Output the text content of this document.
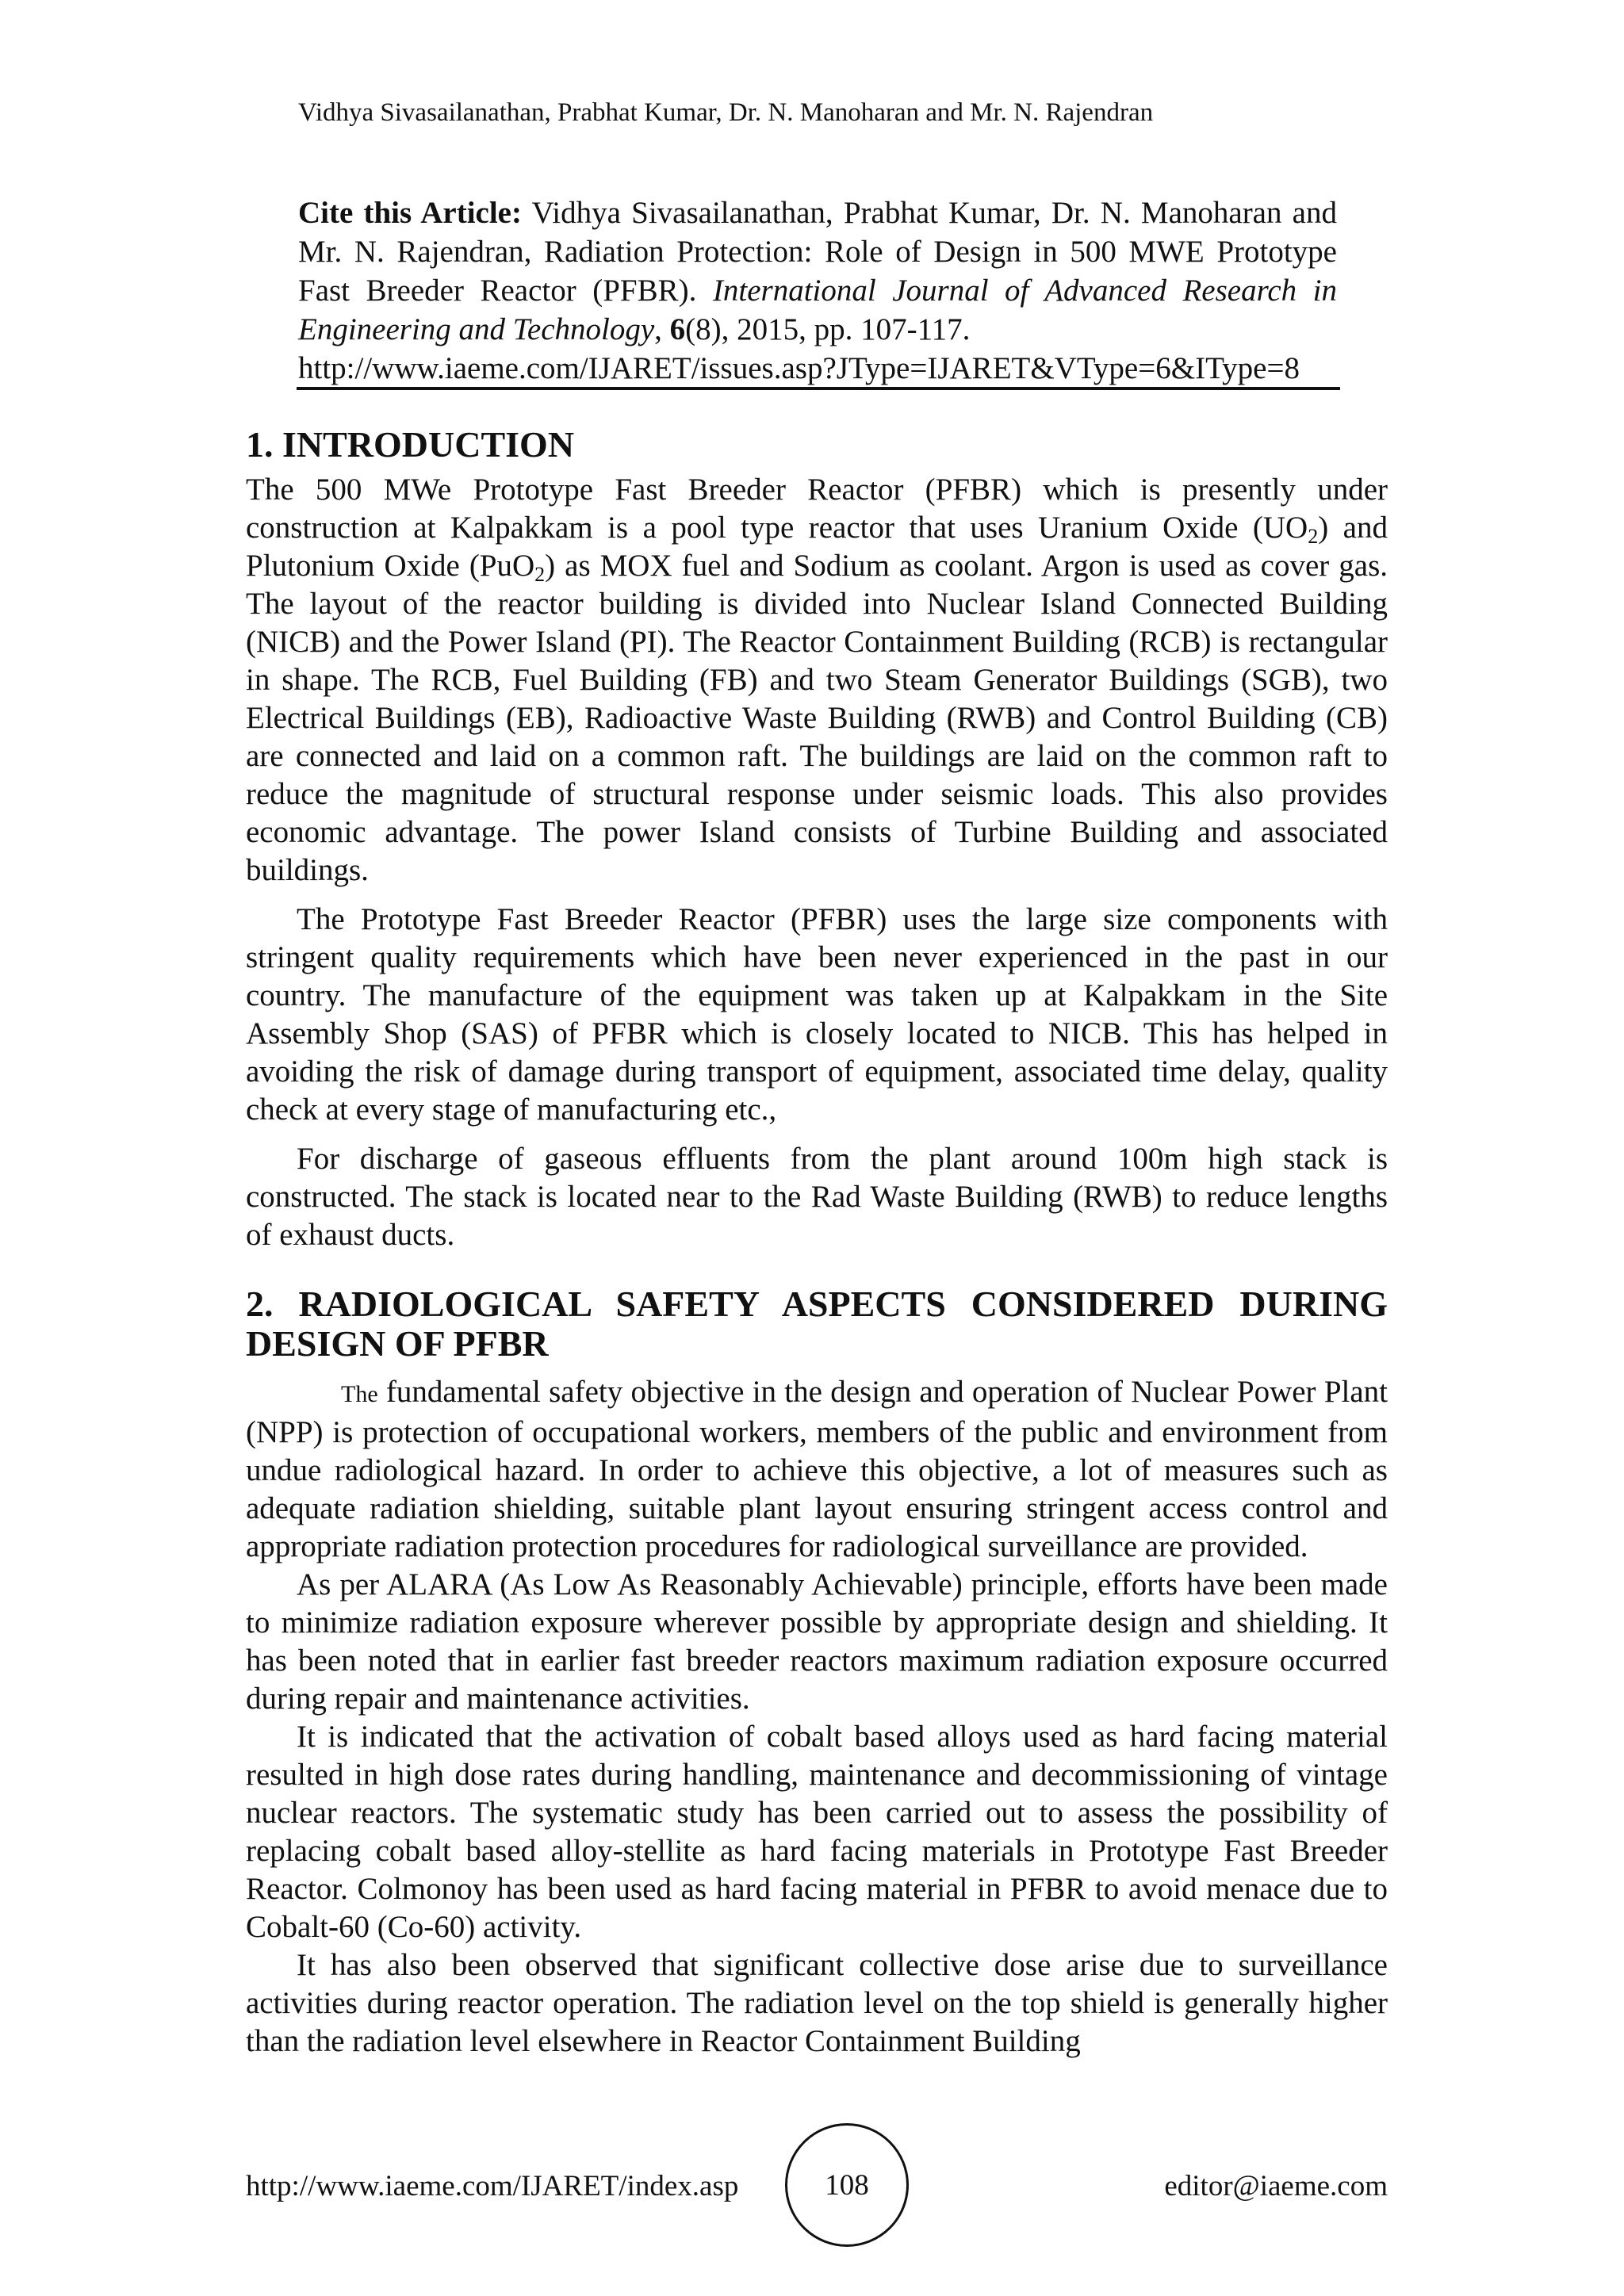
Vidhya Sivasailanathan, Prabhat Kumar, Dr. N. Manoharan and Mr. N. Rajendran

Cite this Article: Vidhya Sivasailanathan, Prabhat Kumar, Dr. N. Manoharan and Mr. N. Rajendran, Radiation Protection: Role of Design in 500 MWE Prototype Fast Breeder Reactor (PFBR). International Journal of Advanced Research in Engineering and Technology, 6(8), 2015, pp. 107-117.

http://www.iaeme.com/IJARET/issues.asp?JType=IJARET&VType=6&IType=8

1. INTRODUCTION

The 500 MWe Prototype Fast Breeder Reactor (PFBR) which is presently under construction at Kalpakkam is a pool type reactor that uses Uranium Oxide $(UO_2)$ and Plutonium Oxide (PuO$_2$) as MOX fuel and Sodium as coolant. Argon is used as cover gas. The layout of the reactor building is divided into Nuclear Island Connected Building (NICB) and the Power Island (PI). The Reactor Containment Building (RCB) is rectangular in shape. The RCB, Fuel Building (FB) and two Steam Generator Buildings (SGB), two Electrical Buildings (EB), Radioactive Waste Building (RWB) and Control Building (CB) are connected and laid on a common raft. The buildings are laid on the common raft to reduce the magnitude of structural response under seismic loads. This also provides economic advantage. The power Island consists of Turbine Building and associated buildings.

The Prototype Fast Breeder Reactor (PFBR) uses the large size components with stringent quality requirements which have been never experienced in the past in our country. The manufacture of the equipment was taken up at Kalpakkam in the Site Assembly Shop (SAS) of PFBR which is closely located to NICB. This has helped in avoiding the risk of damage during transport of equipment, associated time delay, quality check at every stage of manufacturing etc.,

For discharge of gaseous effluents from the plant around 100m high stack is constructed. The stack is located near to the Rad Waste Building (RWB) to reduce lengths of exhaust ducts.

2. RADIOLOGICAL SAFETY ASPECTS CONSIDERED DURING DESIGN OF PFBR

The fundamental safety objective in the design and operation of Nuclear Power Plant (NPP) is protection of occupational workers, members of the public and environment from undue radiological hazard. In order to achieve this objective, a lot of measures such as adequate radiation shielding, suitable plant layout ensuring stringent access control and appropriate radiation protection procedures for radiological surveillance are provided.

As per ALARA (As Low As Reasonably Achievable) principle, efforts have been made to minimize radiation exposure wherever possible by appropriate design and shielding. It has been noted that in earlier fast breeder reactors maximum radiation exposure occurred during repair and maintenance activities.

It is indicated that the activation of cobalt based alloys used as hard facing material resulted in high dose rates during handling, maintenance and decommissioning of vintage nuclear reactors. The systematic study has been carried out to assess the possibility of replacing cobalt based alloy-stellite as hard facing materials in Prototype Fast Breeder Reactor. Colmonoy has been used as hard facing material in PFBR to avoid menace due to Cobalt-60 (Co-60) activity.

It has also been observed that significant collective dose arise due to surveillance activities during reactor operation. The radiation level on the top shield is generally higher than the radiation level elsewhere in Reactor Containment Building

http://www.iaeme.com/IJARET/index.asp	108	editor@iaeme.com
